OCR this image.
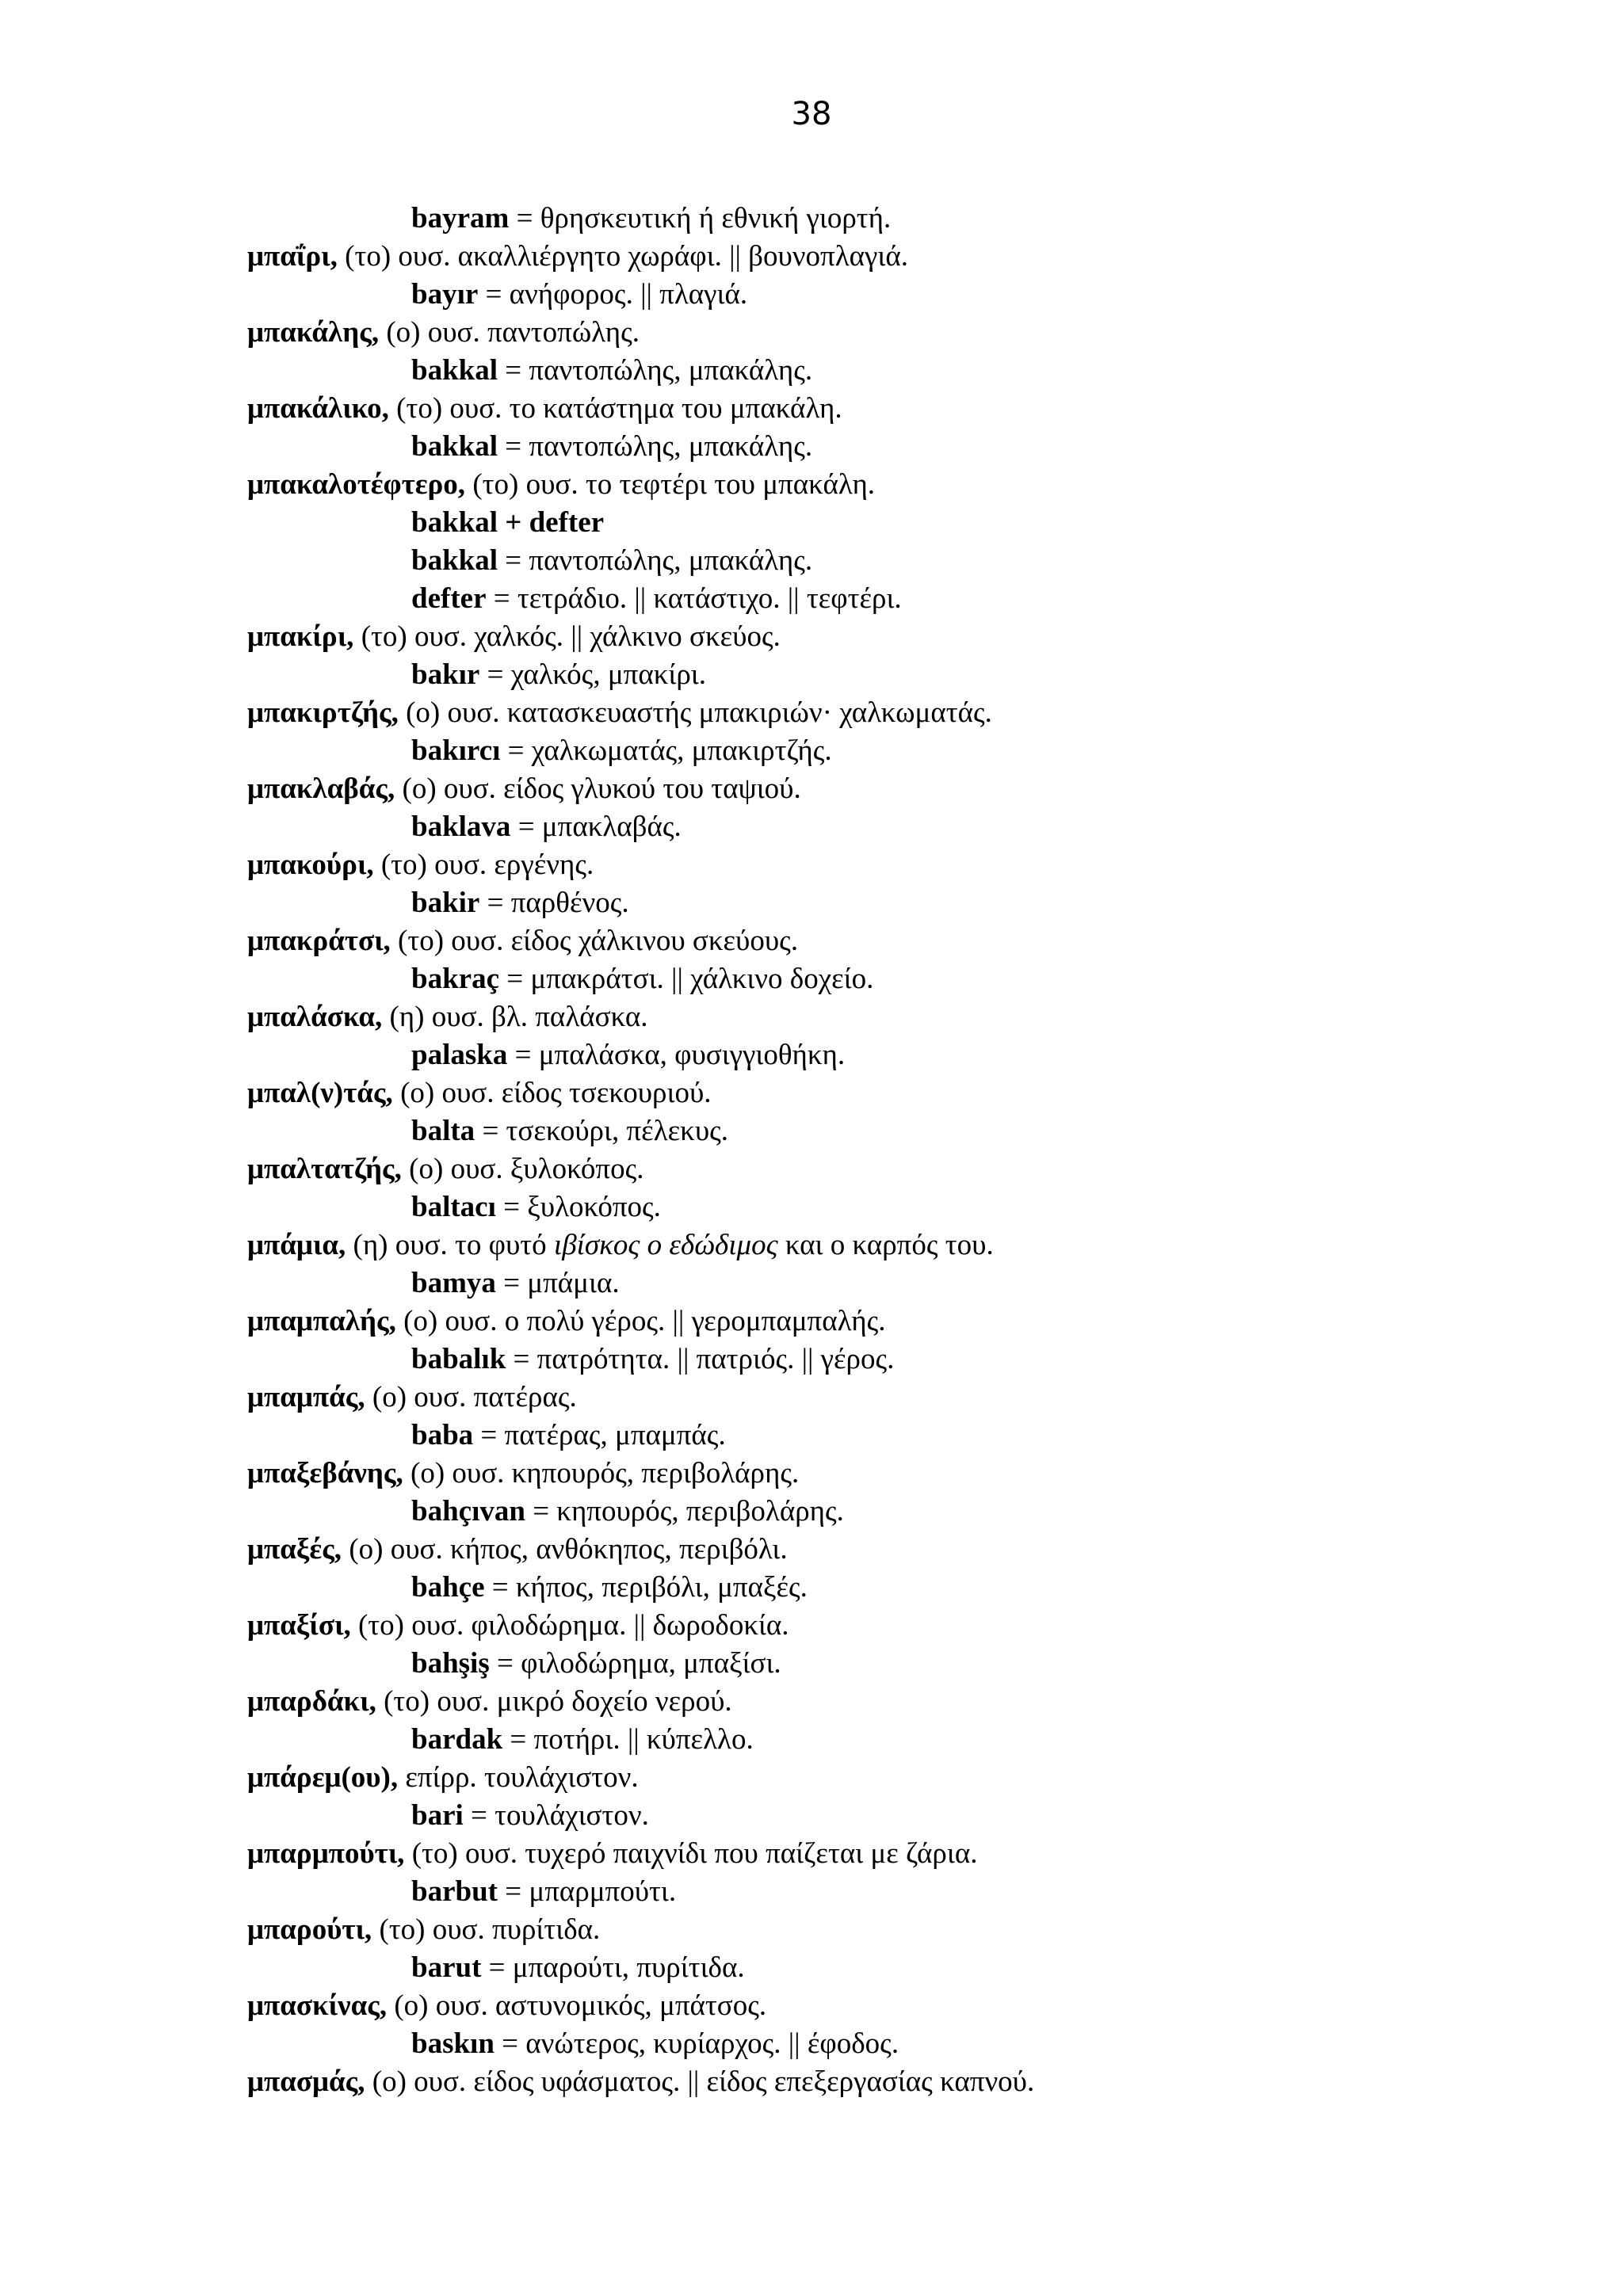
38
bayram = θρησκευτική ή εθνική γιορτή.
μπαΐρι, (το) ουσ. ακαλλιέργητο χωράφι. || βουνοπλαγιά.
bayır = ανήφορος. || πλαγιά.
μπακάλης, (ο) ουσ. παντοπώλης.
bakkal = παντοπώλης, μπακάλης.
μπακάλικο, (το) ουσ. το κατάστημα του μπακάλη.
bakkal = παντοπώλης, μπακάλης.
μπακαλοτέφτερο, (το) ουσ. το τεφτέρι του μπακάλη.
bakkal + defter
bakkal = παντοπώλης, μπακάλης.
defter = τετράδιο. || κατάστιχο. || τεφτέρι.
μπακίρι, (το) ουσ. χαλκός. || χάλκινο σκεύος.
bakır = χαλκός, μπακίρι.
μπακιρτζής, (ο) ουσ. κατασκευαστής μπακιριών· χαλκωματάς.
bakırcı = χαλκωματάς, μπακιρτζής.
μπακλαβάς, (ο) ουσ. είδος γλυκού του ταψιού.
baklava = μπακλαβάς.
μπακούρι, (το) ουσ. εργένης.
bakir = παρθένος.
μπακράτσι, (το) ουσ. είδος χάλκινου σκεύους.
bakraç = μπακράτσι. || χάλκινο δοχείο.
μπαλάσκα, (η) ουσ. βλ. παλάσκα.
palaska = μπαλάσκα, φυσιγγιοθήκη.
μπαλ(ν)τάς, (ο) ουσ. είδος τσεκουριού.
balta = τσεκούρι, πέλεκυς.
μπαλτατζής, (ο) ουσ. ξυλοκόπος.
baltacı = ξυλοκόπος.
μπάμια, (η) ουσ. το φυτό ιβίσκος ο εδώδιμος και ο καρπός του.
bamya = μπάμια.
μπαμπαλής, (ο) ουσ. ο πολύ γέρος. || γερομπαμπαλής.
babalık = πατρότητα. || πατριός. || γέρος.
μπαμπάς, (ο) ουσ. πατέρας.
baba = πατέρας, μπαμπάς.
μπαξεβάνης, (ο) ουσ. κηπουρός, περιβολάρης.
bahçıvan = κηπουρός, περιβολάρης.
μπαξές, (ο) ουσ. κήπος, ανθόκηπος, περιβόλι.
bahçe = κήπος, περιβόλι, μπαξές.
μπαξίσι, (το) ουσ. φιλοδώρημα. || δωροδοκία.
bahşiş = φιλοδώρημα, μπαξίσι.
μπαρδάκι, (το) ουσ. μικρό δοχείο νερού.
bardak = ποτήρι. || κύπελλο.
μπάρεμ(ου), επίρρ. τουλάχιστον.
bari = τουλάχιστον.
μπαρμπούτι, (το) ουσ. τυχερό παιχνίδι που παίζεται με ζάρια.
barbut = μπαρμπούτι.
μπαρούτι, (το) ουσ. πυρίτιδα.
barut = μπαρούτι, πυρίτιδα.
μπασκίνας, (ο) ουσ. αστυνομικός, μπάτσος.
baskın = ανώτερος, κυρίαρχος. || έφοδος.
μπασμάς, (ο) ουσ. είδος υφάσματος. || είδος επεξεργασίας καπνού.
